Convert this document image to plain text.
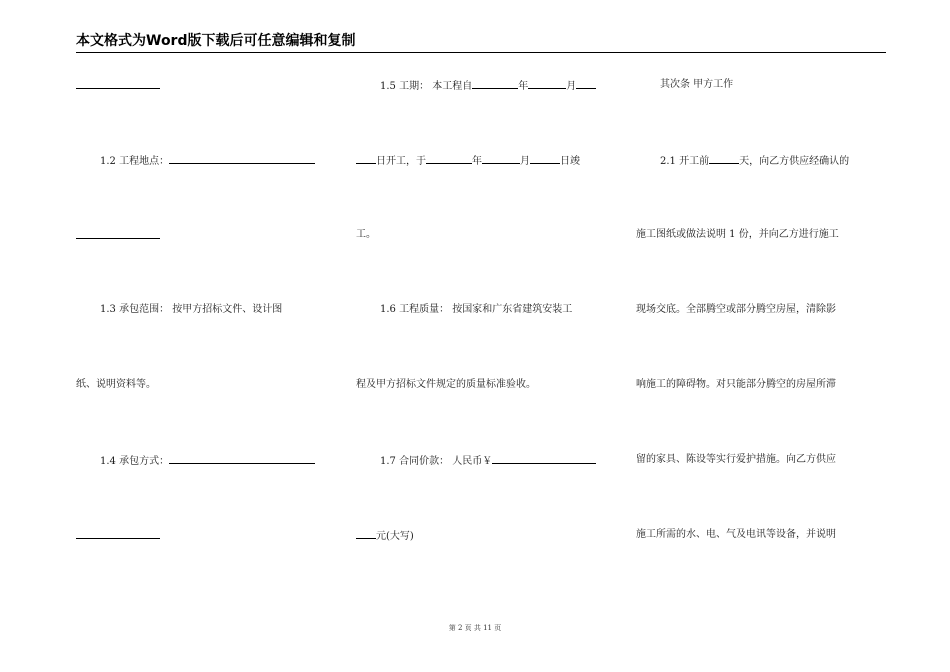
本文格式为Word版下载后可任意编辑和复制
1.2 工程地点：
1.3 承包范围： 按甲方招标文件、设计图
纸、说明资料等。
1.4 承包方式：
1.5 工期： 本工程自	年	月
日开工，于	年	月	日竣
工。
1.6 工程质量： 按国家和广东省建筑安装工
程及甲方招标文件规定的质量标准验收。
1.7 合同价款： 人民币￥
元(大写)
其次条 甲方工作
2.1 开工前	天，向乙方供应经确认的
施工图纸或做法说明 1 份，并向乙方进行施工
现场交底。全部腾空或部分腾空房屋，清除影
响施工的障碍物。对只能部分腾空的房屋所滞
留的家具、陈设等实行爱护措施。向乙方供应
施工所需的水、电、气及电讯等设备，并说明
第 2 页 共 11 页
